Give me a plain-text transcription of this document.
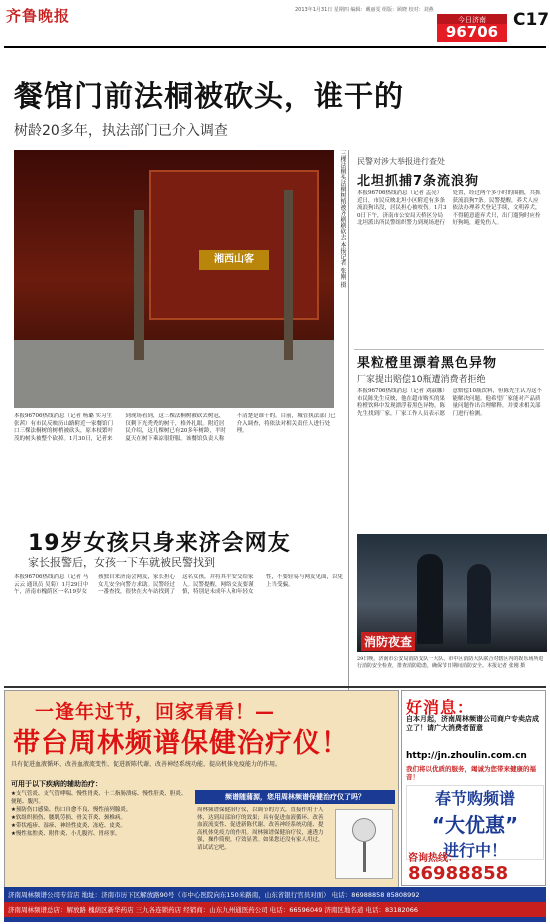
齐鲁晚报	2013年1月31日 星期四 编辑：戴丽雯 组版：顾晓 校对：刘燕
今日济南
96706
C17
餐馆门前法桐被砍头，谁干的
树龄20多年，执法部门已介入调查
湘西山客	三棵法桐头法桐树梢被齐刷刷砍去 本报记者 张刚 摄
本报96706热线消息（记者 杨璐 实习生 张茜）有市民反映历山路附近一家餐馆门口三棵法桐树的树梢被砍头，原本枝繁叶茂的树头被整个砍掉。1月30日，记者来到现场看到，这三棵法桐树被砍去树冠，仅剩下光秃秃的树干，格外扎眼。附近居民介绍，这几棵树已有20多年树龄，平时夏天在树下乘凉很舒服。该餐馆负责人称不清楚是谁干的。目前，城管执法部门已介入调查，将依法对相关责任人进行处理。
民警对涉大举报进行查处
北坦抓捕7条流浪狗
本报96706热线消息（记者 孟亮）近日，市民反映北坦小区附近有多条流浪狗出没，居民担心被咬伤。1月30日下午，济南市公安局天桥区分局北坦派出所民警组织警力到现场进行处置，经过两个多小时的围捕，共抓获流浪狗7条。民警提醒，养犬人应依法办理养犬登记手续，文明养犬，不得随意遗弃犬只，出门遛狗时应拴好狗绳，避免伤人。
果粒橙里漂着黑色异物
厂家提出赔偿10瓶遭消费者拒绝
本报96706热线消息（记者 刘淑娜）市民陈先生反映，他在超市购买的果粒橙饮料中发现漂浮着黑色异物。陈先生找到厂家，厂家工作人员表示愿意赔偿10瓶饮料，但陈先生认为这不能解决问题。他希望厂家能对产品质量问题作出合理解释，并要求相关部门进行检测。
消防夜查
29日晚，济南市公安局消防支队一大队、市中区消防大队联合对辖区内的娱乐场所进行消防安全检查，排查消防隐患，确保节日期间消防安全。本报记者 张刚 摄
19岁女孩只身来济会网友
家长报警后，女孩一下车就被民警找到
本报96706热线消息（记者 马云云 通讯员 吴菊）1月29日中午，济南市槐荫区一名19岁女孩独自来济南会网友，家长担心女儿安全向警方求助。民警经过一番查找，很快在火车站找到了这名女孩，并将其平安交给家人。民警提醒，网络交友要谨慎，特别是未成年人和年轻女性，不要轻易与网友见面，以免上当受骗。
一逢年过节，回家看看！—
带台周林频谱保健治疗仪！
具有促进血液循环、改善血液流变性、促进新陈代谢、改善神经系统功能、提高机体免疫能力的作用。
可用于以下疾病的辅助治疗：
★支气管炎、支气管哮喘、慢性胃炎、十二指肠溃疡、慢性肝炎、胆炎、便秘、腹泻。
★预防伤口感染、伤口自愈不良、慢性前列腺炎。
★软组织损伤、腰肌劳损、骨关节炎、颈椎病。
★带状疱疹、湿疹、神经性皮炎、冻疮、皮炎。
★慢性盆腔炎、附件炎、小儿腹泻、胃痉挛。
频谱随蒲源，您用周林频谱保健治疗仪了吗？
周林频谱保健治疗仪，以调节的方式，直接作用于人体，达到局部治疗的效果；具有促进血液循环、改善血液流变性、促进新陈代谢、改善神经系统功能、提高机体免疫力的作用。周林频谱保健治疗仪，速透力强，操作简便，疗效显著。如果您还没有家人用过，请试试它吧。
济南周林频谱公司专营店 地址：济南市历下区解放路90号（市中心医院向东150米路南，山东省银行官员对面） 电话：86988858 85808992
济南周林频谱总店：解放路 槐荫区新华药店 三九各连锁药店 经销商：山东九州通医药公司 电话：66596049 济南区地名道 电话：83182066
好消息：
自本月起，济南周林频谱公司商户专卖店成立了！请广大消费者留意
http://jn.zhoulin.com.cn
我们将以优质的服务，竭诚为您带来健康的福音！
春节购频谱
“大优惠”
进行中！
咨询热线：
86988858
